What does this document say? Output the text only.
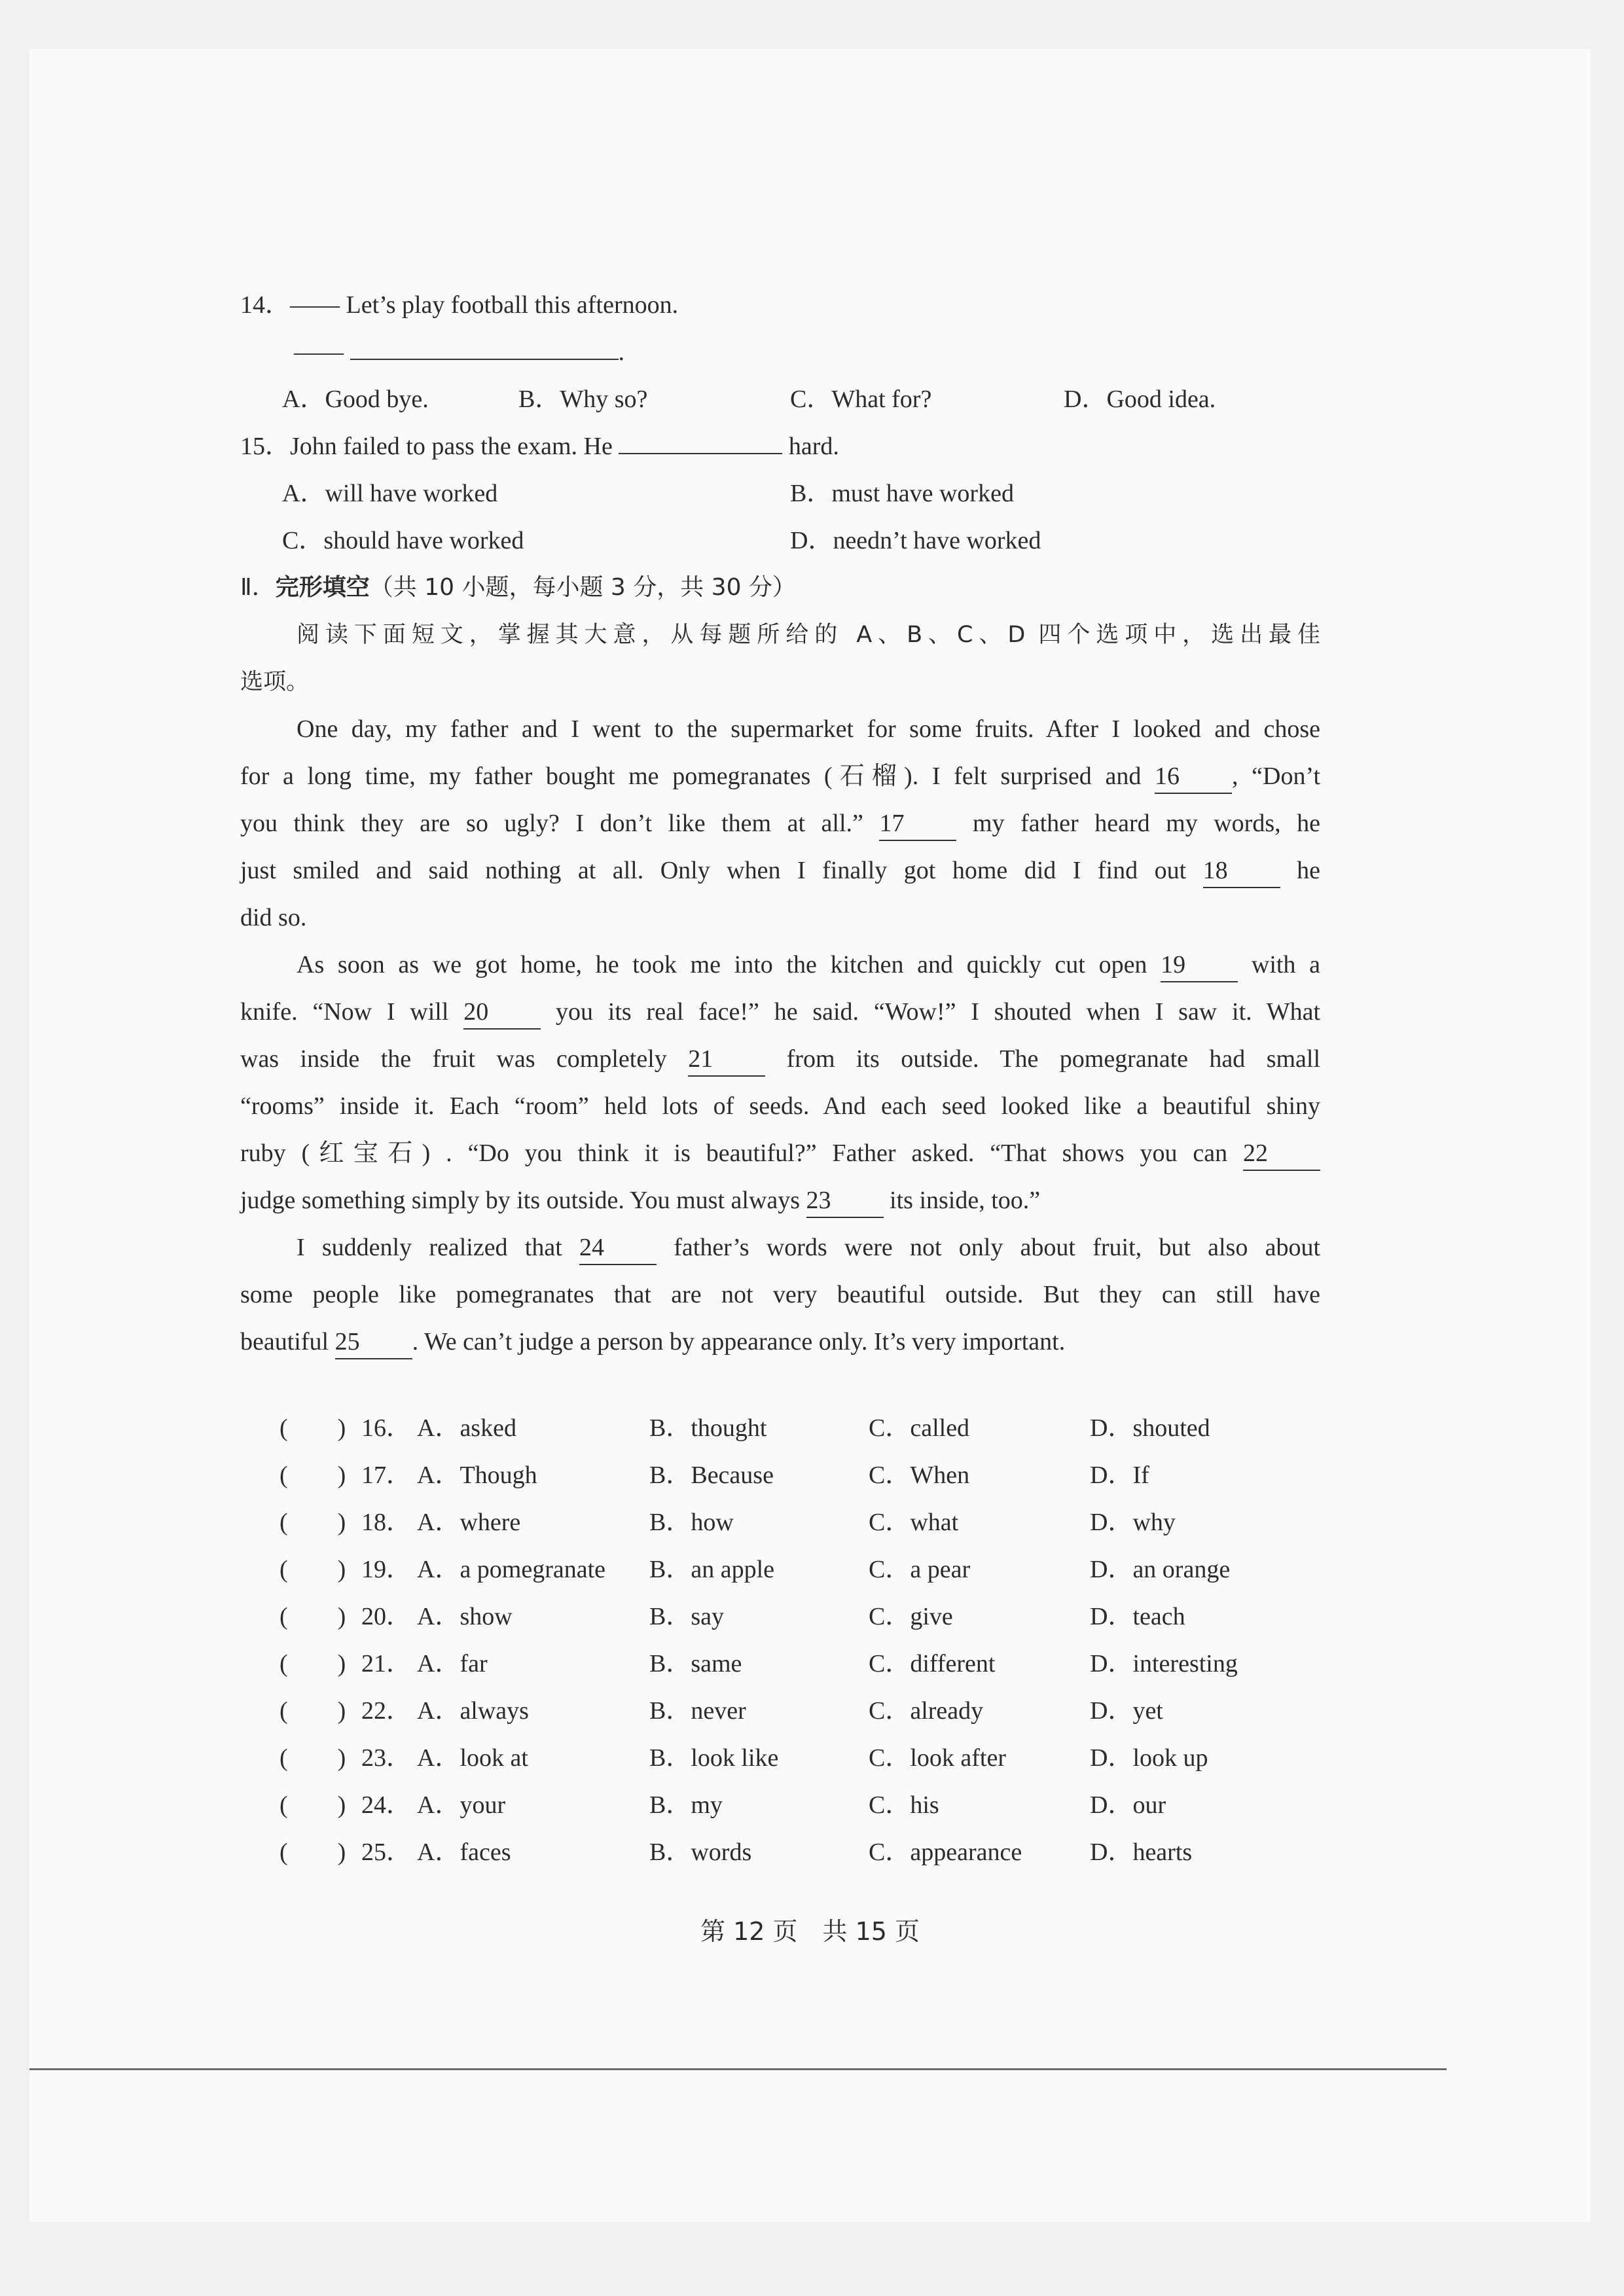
14．—— Let’s play football this afternoon.
——	.
A．Good bye.	B．Why so?	C．What for?	D．Good idea.
15．John failed to pass the exam. He	hard.
A．will have worked	B．must have worked
C．should have worked	D．needn’t have worked
Ⅱ．完形填空（共 10 小题，每小题 3 分，共 30 分）
阅读下面短文，掌握其大意，从每题所给的 A、B、C、D 四个选项中，选出最佳
选项。
One day, my father and I went to the supermarket for some fruits. After I looked and chose
for a long time, my father bought me pomegranates (石榴). I felt surprised and 16 , “Don’t
you think they are so ugly? I don’t like them at all.” 17	my father heard my words, he
just smiled and said nothing at all. Only when I finally got home did I find out 18	he
did so.
As soon as we got home, he took me into the kitchen and quickly cut open 19	with a
knife. “Now I will 20	you its real face!” he said. “Wow!” I shouted when I saw it. What
was inside the fruit was completely 21	from its outside. The pomegranate had small
“rooms” inside it. Each “room” held lots of seeds. And each seed looked like a beautiful shiny
ruby (红宝石) . “Do you think it is beautiful?” Father asked. “That shows you can 22
judge something simply by its outside. You must always 23 its inside, too.”
I suddenly realized that 24	father’s words were not only about fruit, but also about
some people like pomegranates that are not very beautiful outside. But they can still have
beautiful 25 . We can’t judge a person by appearance only. It’s very important.
(　　) 16． A．asked	B．thought	C．called	D．shouted
(　　) 17． A．Though	B．Because	C．When	D．If
(　　) 18． A．where	B．how	C．what	D．why
(　　) 19． A．a pomegranate B．an apple	C．a pear	D．an orange
(　　) 20． A．show	B．say	C．give	D．teach
(　　) 21． A．far	B．same	C．different	D．interesting
(　　) 22． A．always	B．never	C．already	D．yet
(　　) 23． A．look at	B．look like	C．look after	D．look up
(　　) 24． A．your	B．my	C．his	D．our
(　　) 25． A．faces	B．words	C．appearance	D．hearts
第 12 页　共 15 页
